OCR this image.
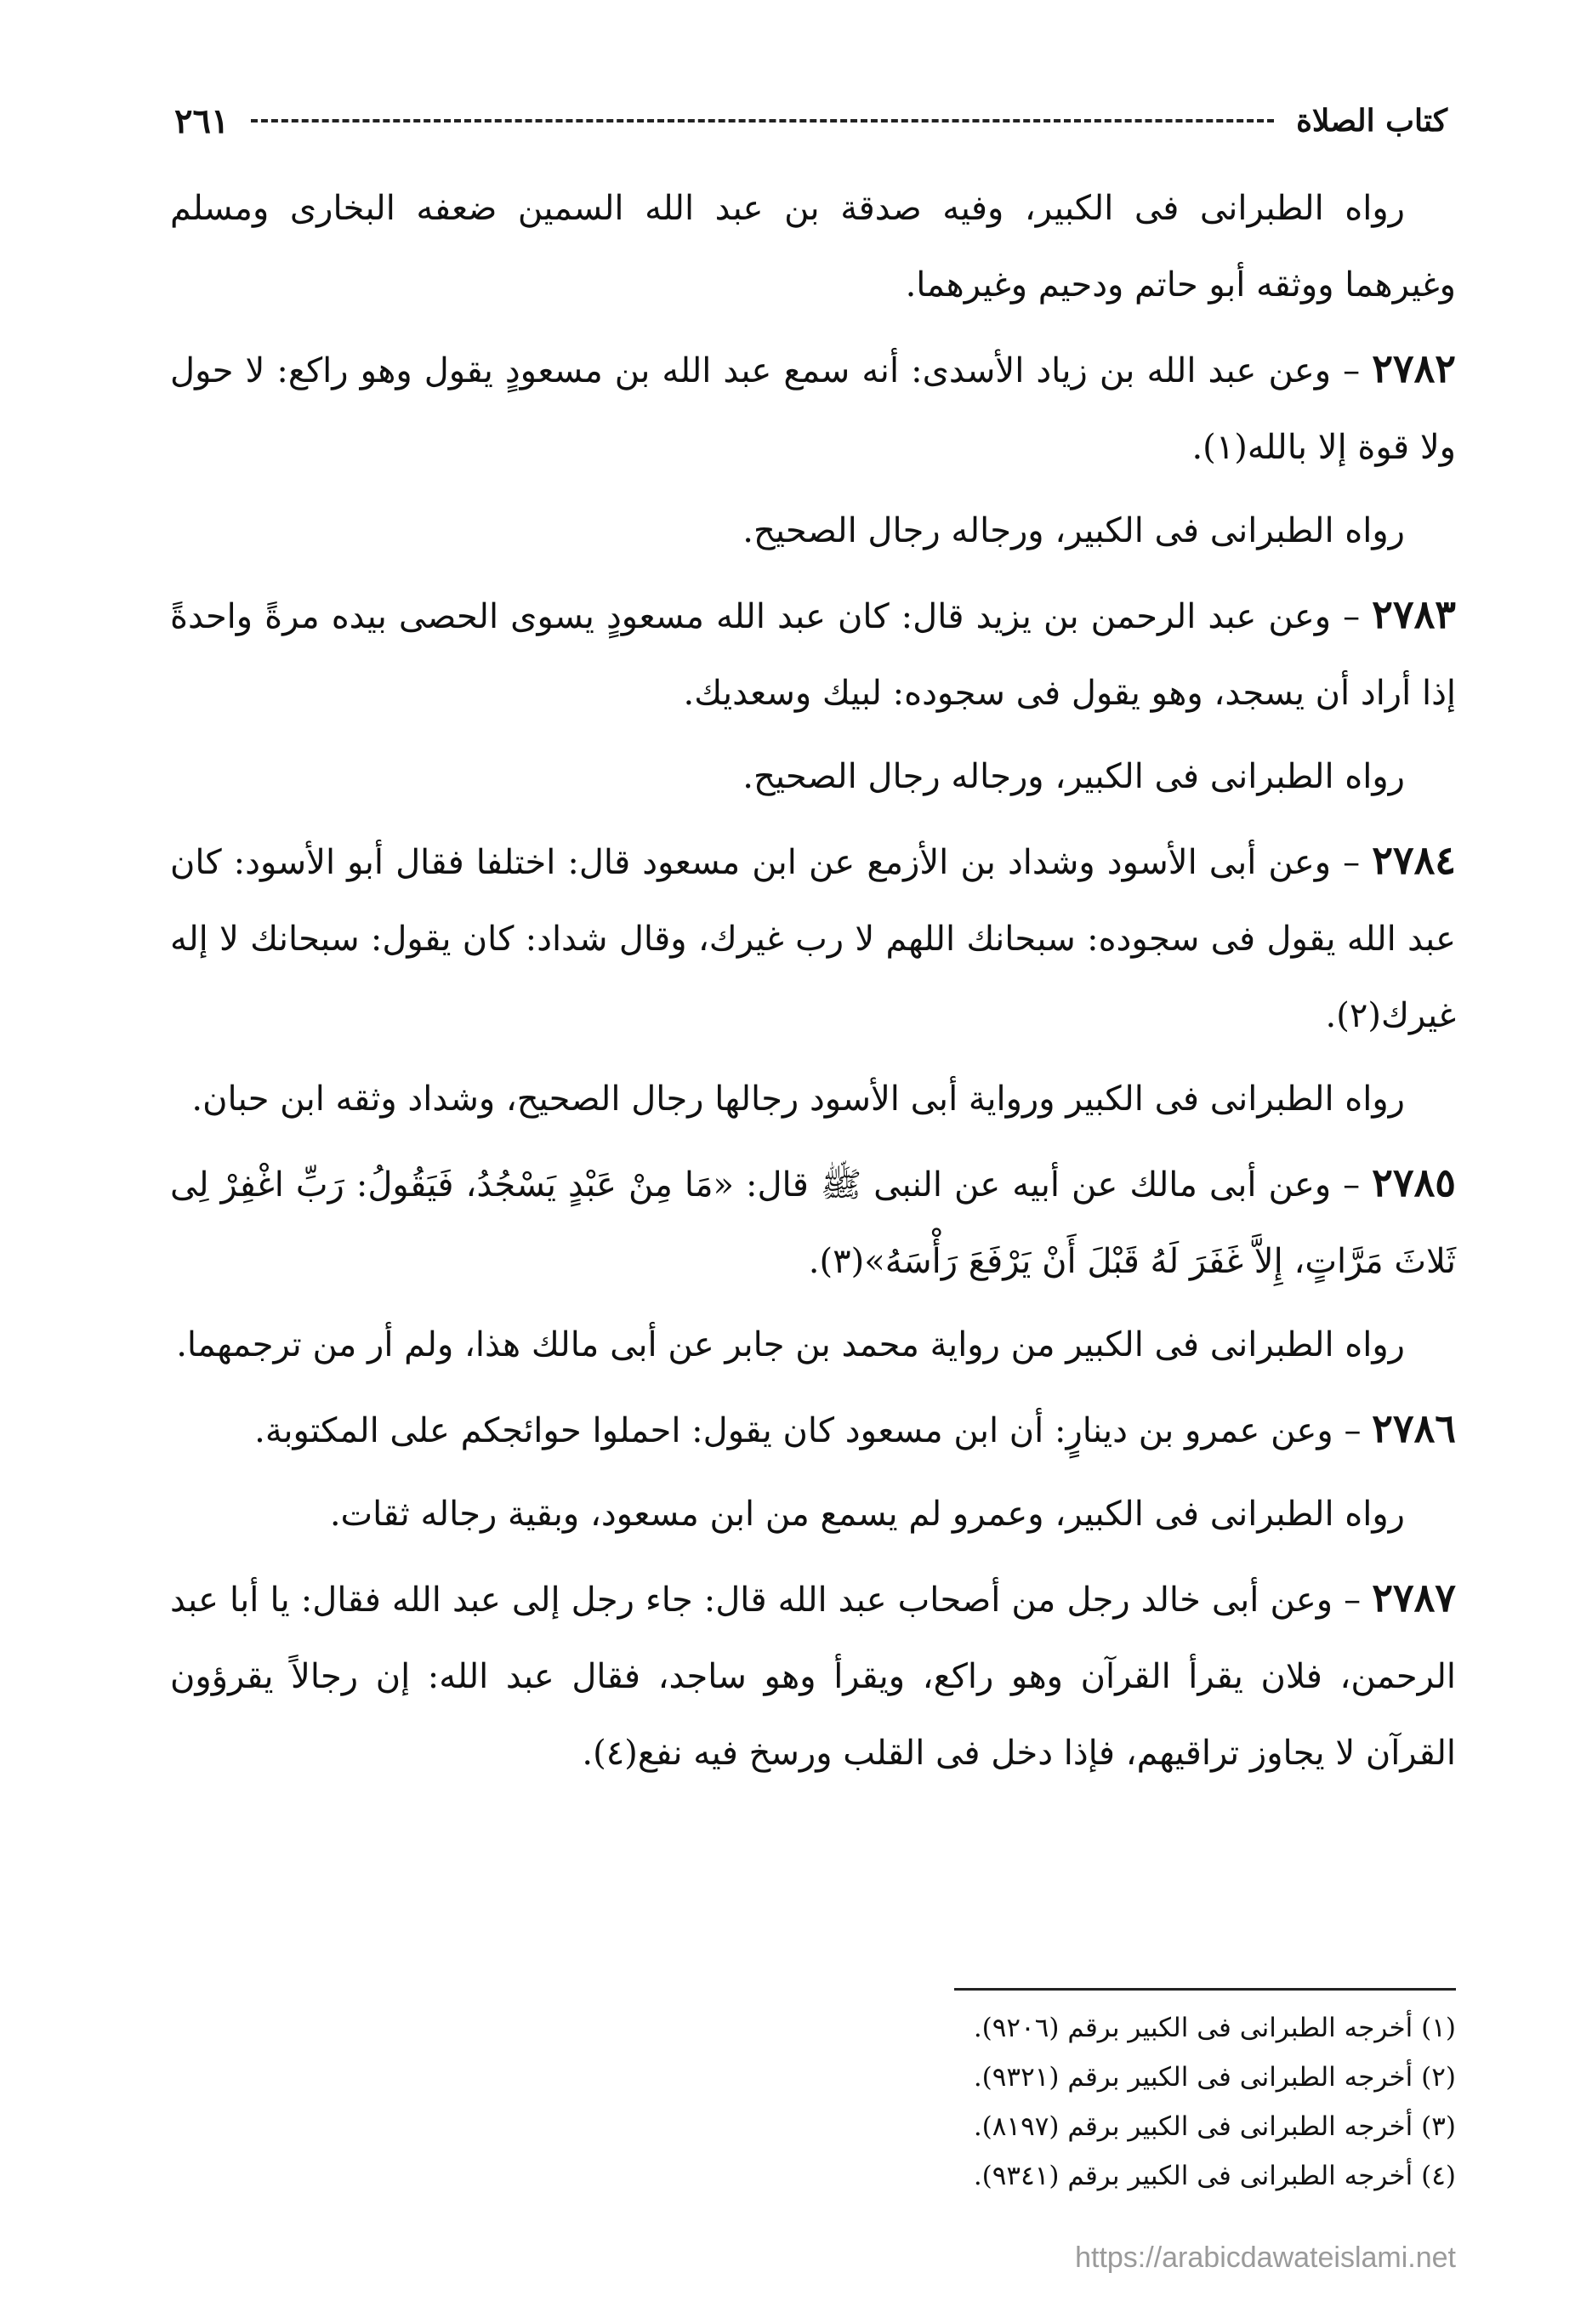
كتاب الصلاة
٢٦١

رواه الطبرانى فى الكبير، وفيه صدقة بن عبد الله السمين ضعفه البخارى ومسلم وغيرهما ووثقه أبو حاتم ودحيم وغيرهما.

٢٧٨٢ – وعن عبد الله بن زياد الأسدى: أنه سمع عبد الله بن مسعودٍ يقول وهو راكع: لا حول ولا قوة إلا بالله(١).

رواه الطبرانى فى الكبير، ورجاله رجال الصحيح.

٢٧٨٣ – وعن عبد الرحمن بن يزيد قال: كان عبد الله مسعودٍ يسوى الحصى بيده مرةً واحدةً إذا أراد أن يسجد، وهو يقول فى سجوده: لبيك وسعديك.

رواه الطبرانى فى الكبير، ورجاله رجال الصحيح.

٢٧٨٤ – وعن أبى الأسود وشداد بن الأزمع عن ابن مسعود قال: اختلفا فقال أبو الأسود: كان عبد الله يقول فى سجوده: سبحانك اللهم لا رب غيرك، وقال شداد: كان يقول: سبحانك لا إله غيرك(٢).

رواه الطبرانى فى الكبير ورواية أبى الأسود رجالها رجال الصحيح، وشداد وثقه ابن حبان.

٢٧٨٥ – وعن أبى مالك عن أبيه عن النبى ﷺ قال: «مَا مِنْ عَبْدٍ يَسْجُدُ، فَيَقُولُ: رَبِّ اغْفِرْ لِى ثَلاثَ مَرَّاتٍ، إِلاَّ غَفَرَ لَهُ قَبْلَ أَنْ يَرْفَعَ رَأْسَهُ»(٣).

رواه الطبرانى فى الكبير من رواية محمد بن جابر عن أبى مالك هذا، ولم أر من ترجمهما.

٢٧٨٦ – وعن عمرو بن دينارٍ: أن ابن مسعود كان يقول: احملوا حوائجكم على المكتوبة.

رواه الطبرانى فى الكبير، وعمرو لم يسمع من ابن مسعود، وبقية رجاله ثقات.

٢٧٨٧ – وعن أبى خالد رجل من أصحاب عبد الله قال: جاء رجل إلى عبد الله فقال: يا أبا عبد الرحمن، فلان يقرأ القرآن وهو راكع، ويقرأ وهو ساجد، فقال عبد الله: إن رجالاً يقرؤون القرآن لا يجاوز تراقيهم، فإذا دخل فى القلب ورسخ فيه نفع(٤).

(١) أخرجه الطبرانى فى الكبير برقم (٩٢٠٦).

(٢) أخرجه الطبرانى فى الكبير برقم (٩٣٢١).

(٣) أخرجه الطبرانى فى الكبير برقم (٨١٩٧).

(٤) أخرجه الطبرانى فى الكبير برقم (٩٣٤١).

https://arabicdawateislami.net
